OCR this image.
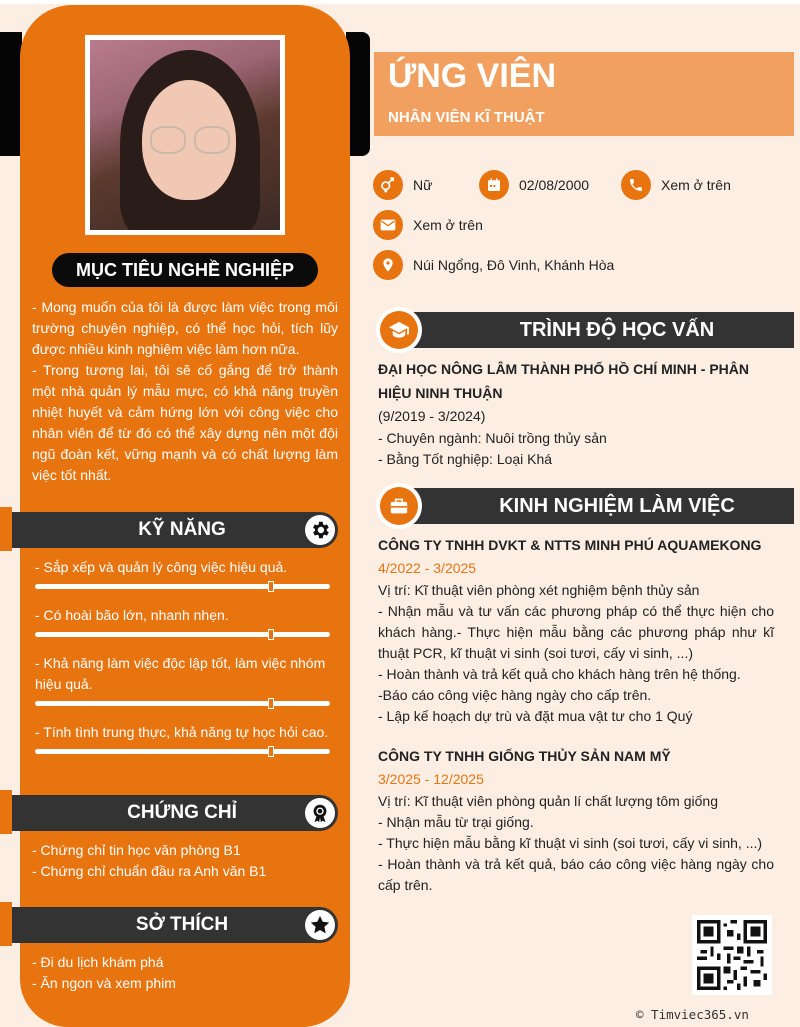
MỤC TIÊU NGHỀ NGHIỆP
- Mong muốn của tôi là được làm việc trong môi trường chuyên nghiệp, có thể học hỏi, tích lũy được nhiều kinh nghiệm việc làm hơn nữa.
- Trong tương lai, tôi sẽ cố gắng để trở thành một nhà quản lý mẫu mực, có khả năng truyền nhiệt huyết và cảm hứng lớn với công việc cho nhân viên để từ đó có thể xây dựng nên một đội ngũ đoàn kết, vững mạnh và có chất lượng làm việc tốt nhất.
KỸ NĂNG
- Sắp xếp và quản lý công việc hiệu quả.
- Có hoài bão lớn, nhanh nhẹn.
- Khả năng làm việc độc lập tốt, làm việc nhóm hiệu quả.
- Tính tình trung thực, khả năng tự học hỏi cao.
CHỨNG CHỈ
- Chứng chỉ tin học văn phòng B1
- Chứng chỉ chuẩn đầu ra Anh văn B1
SỞ THÍCH
- Đi du lịch khám phá
- Ăn ngon và xem phim
ỨNG VIÊN
NHÂN VIÊN KĨ THUẬT
Nữ	02/08/2000	Xem ở trên
Xem ở trên
Núi Ngổng, Đô Vinh, Khánh Hòa
TRÌNH ĐỘ HỌC VẤN
ĐẠI HỌC NÔNG LÂM THÀNH PHỐ HỒ CHÍ MINH - PHÂN HIỆU NINH THUẬN
(9/2019 - 3/2024)
- Chuyên ngành: Nuôi trồng thủy sản
- Bằng Tốt nghiệp: Loại Khá
KINH NGHIỆM LÀM VIỆC
CÔNG TY TNHH DVKT & NTTS MINH PHÚ AQUAMEKONG
4/2022 - 3/2025
Vị trí: Kĩ thuật viên phòng xét nghiệm bệnh thủy sản
- Nhận mẫu và tư vấn các phương pháp có thể thực hiện cho khách hàng.- Thực hiện mẫu bằng các phương pháp như kĩ thuật PCR, kĩ thuật vi sinh (soi tươi, cấy vi sinh, ...)
- Hoàn thành và trả kết quả cho khách hàng trên hệ thống.
-Báo cáo công việc hàng ngày cho cấp trên.
- Lập kế hoạch dự trù và đặt mua vật tư cho 1 Quý
CÔNG TY TNHH GIỐNG THỦY SẢN NAM MỸ
3/2025 - 12/2025
Vị trí: Kĩ thuật viên phòng quản lí chất lượng tôm giống
- Nhận mẫu từ trại giống.
- Thực hiện mẫu bằng kĩ thuật vi sinh (soi tươi, cấy vi sinh, ...)
- Hoàn thành và trả kết quả, báo cáo công việc hàng ngày cho cấp trên.
© Timviec365.vn
